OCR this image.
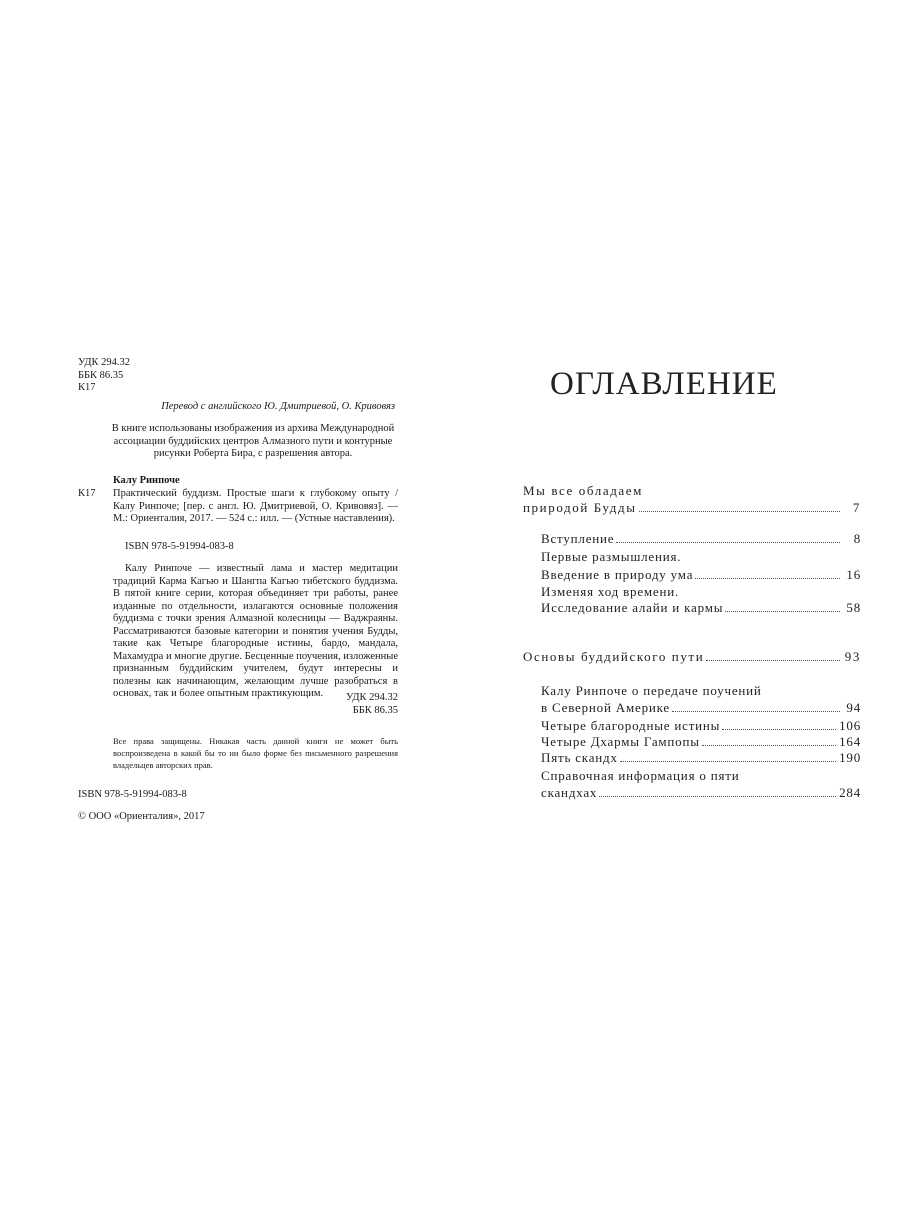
УДК 294.32
ББК 86.35
К17
Перевод с английского Ю. Дмитриевой, О. Кривовяз
В книге использованы изображения из архива Международной ассоциации буддийских центров Алмазного пути и контурные рисунки Роберта Бира, с разрешения автора.
Калу Ринпоче
К17 Практический буддизм. Простые шаги к глубокому опыту / Калу Ринпоче; [пер. с англ. Ю. Дмитриевой, О. Кривовяз]. — М.: Ориенталия, 2017. — 524 с.: илл. — (Устные наставления).
ISBN 978-5-91994-083-8
Калу Ринпоче — известный лама и мастер медитации традиций Карма Кагью и Шангпа Кагью тибетского буддизма. В пятой книге серии, которая объединяет три работы, ранее изданные по отдельности, излагаются основные положения буддизма с точки зрения Алмазной колесницы — Ваджраяны. Рассматриваются базовые категории и понятия учения Будды, такие как Четыре благородные истины, бардо, мандала, Махамудра и многие другие. Бесценные поучения, изложенные признанным буддийским учителем, будут интересны и полезны как начинающим, желающим лучше разобраться в основах, так и более опытным практикующим.	УДК 294.32
ББК 86.35
Все права защищены. Никакая часть данной книги не может быть воспроизведена в какой бы то ни было форме без письменного разрешения владельцев авторских прав.
ISBN 978-5-91994-083-8
© ООО «Ориенталия», 2017
ОГЛАВЛЕНИЕ
Мы все обладаем
природой Будды	7
Вступление	8
Первые размышления.
Введение в природу ума	16
Изменяя ход времени.
Исследование алайи и кармы	58
Основы буддийского пути	93
Калу Ринпоче о передаче поучений
в Северной Америке	94
Четыре благородные истины	106
Четыре Дхармы Гампопы	164
Пять скандх	190
Справочная информация о пяти
скандхах	284
